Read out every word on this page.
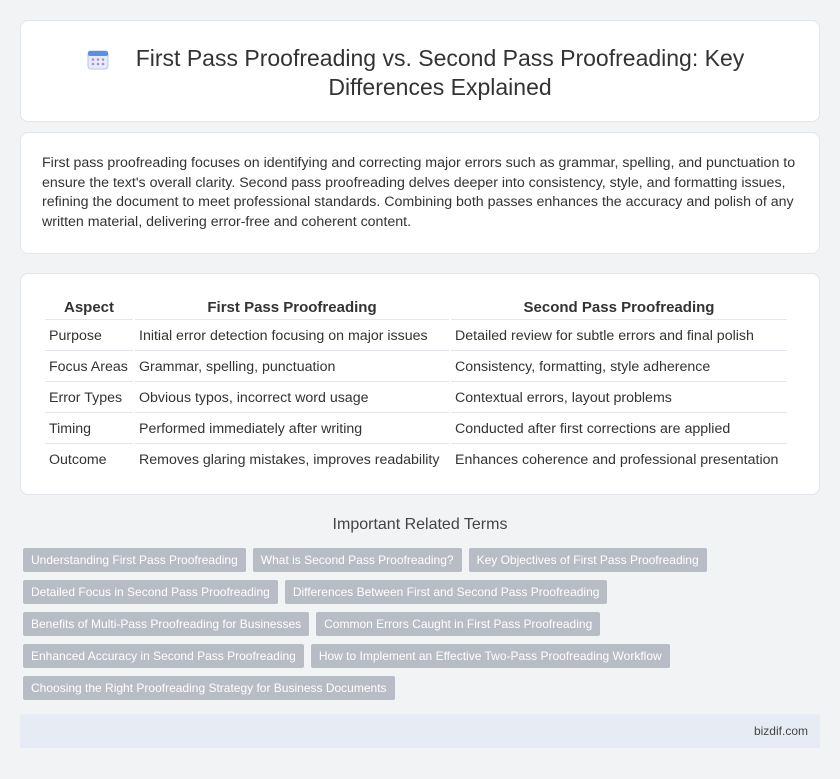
First Pass Proofreading vs. Second Pass Proofreading: Key Differences Explained

First pass proofreading focuses on identifying and correcting major errors such as grammar, spelling, and punctuation to ensure the text's overall clarity. Second pass proofreading delves deeper into consistency, style, and formatting issues, refining the document to meet professional standards. Combining both passes enhances the accuracy and polish of any written material, delivering error-free and coherent content.

Aspect	First Pass Proofreading	Second Pass Proofreading
Purpose	Initial error detection focusing on major issues	Detailed review for subtle errors and final polish
Focus Areas	Grammar, spelling, punctuation	Consistency, formatting, style adherence
Error Types	Obvious typos, incorrect word usage	Contextual errors, layout problems
Timing	Performed immediately after writing	Conducted after first corrections are applied
Outcome	Removes glaring mistakes, improves readability	Enhances coherence and professional presentation
Important Related Terms
Understanding First Pass Proofreading	What is Second Pass Proofreading?	Key Objectives of First Pass Proofreading
Detailed Focus in Second Pass Proofreading	Differences Between First and Second Pass Proofreading
Benefits of Multi-Pass Proofreading for Businesses	Common Errors Caught in First Pass Proofreading
Enhanced Accuracy in Second Pass Proofreading	How to Implement an Effective Two-Pass Proofreading Workflow
Choosing the Right Proofreading Strategy for Business Documents
bizdif.com
